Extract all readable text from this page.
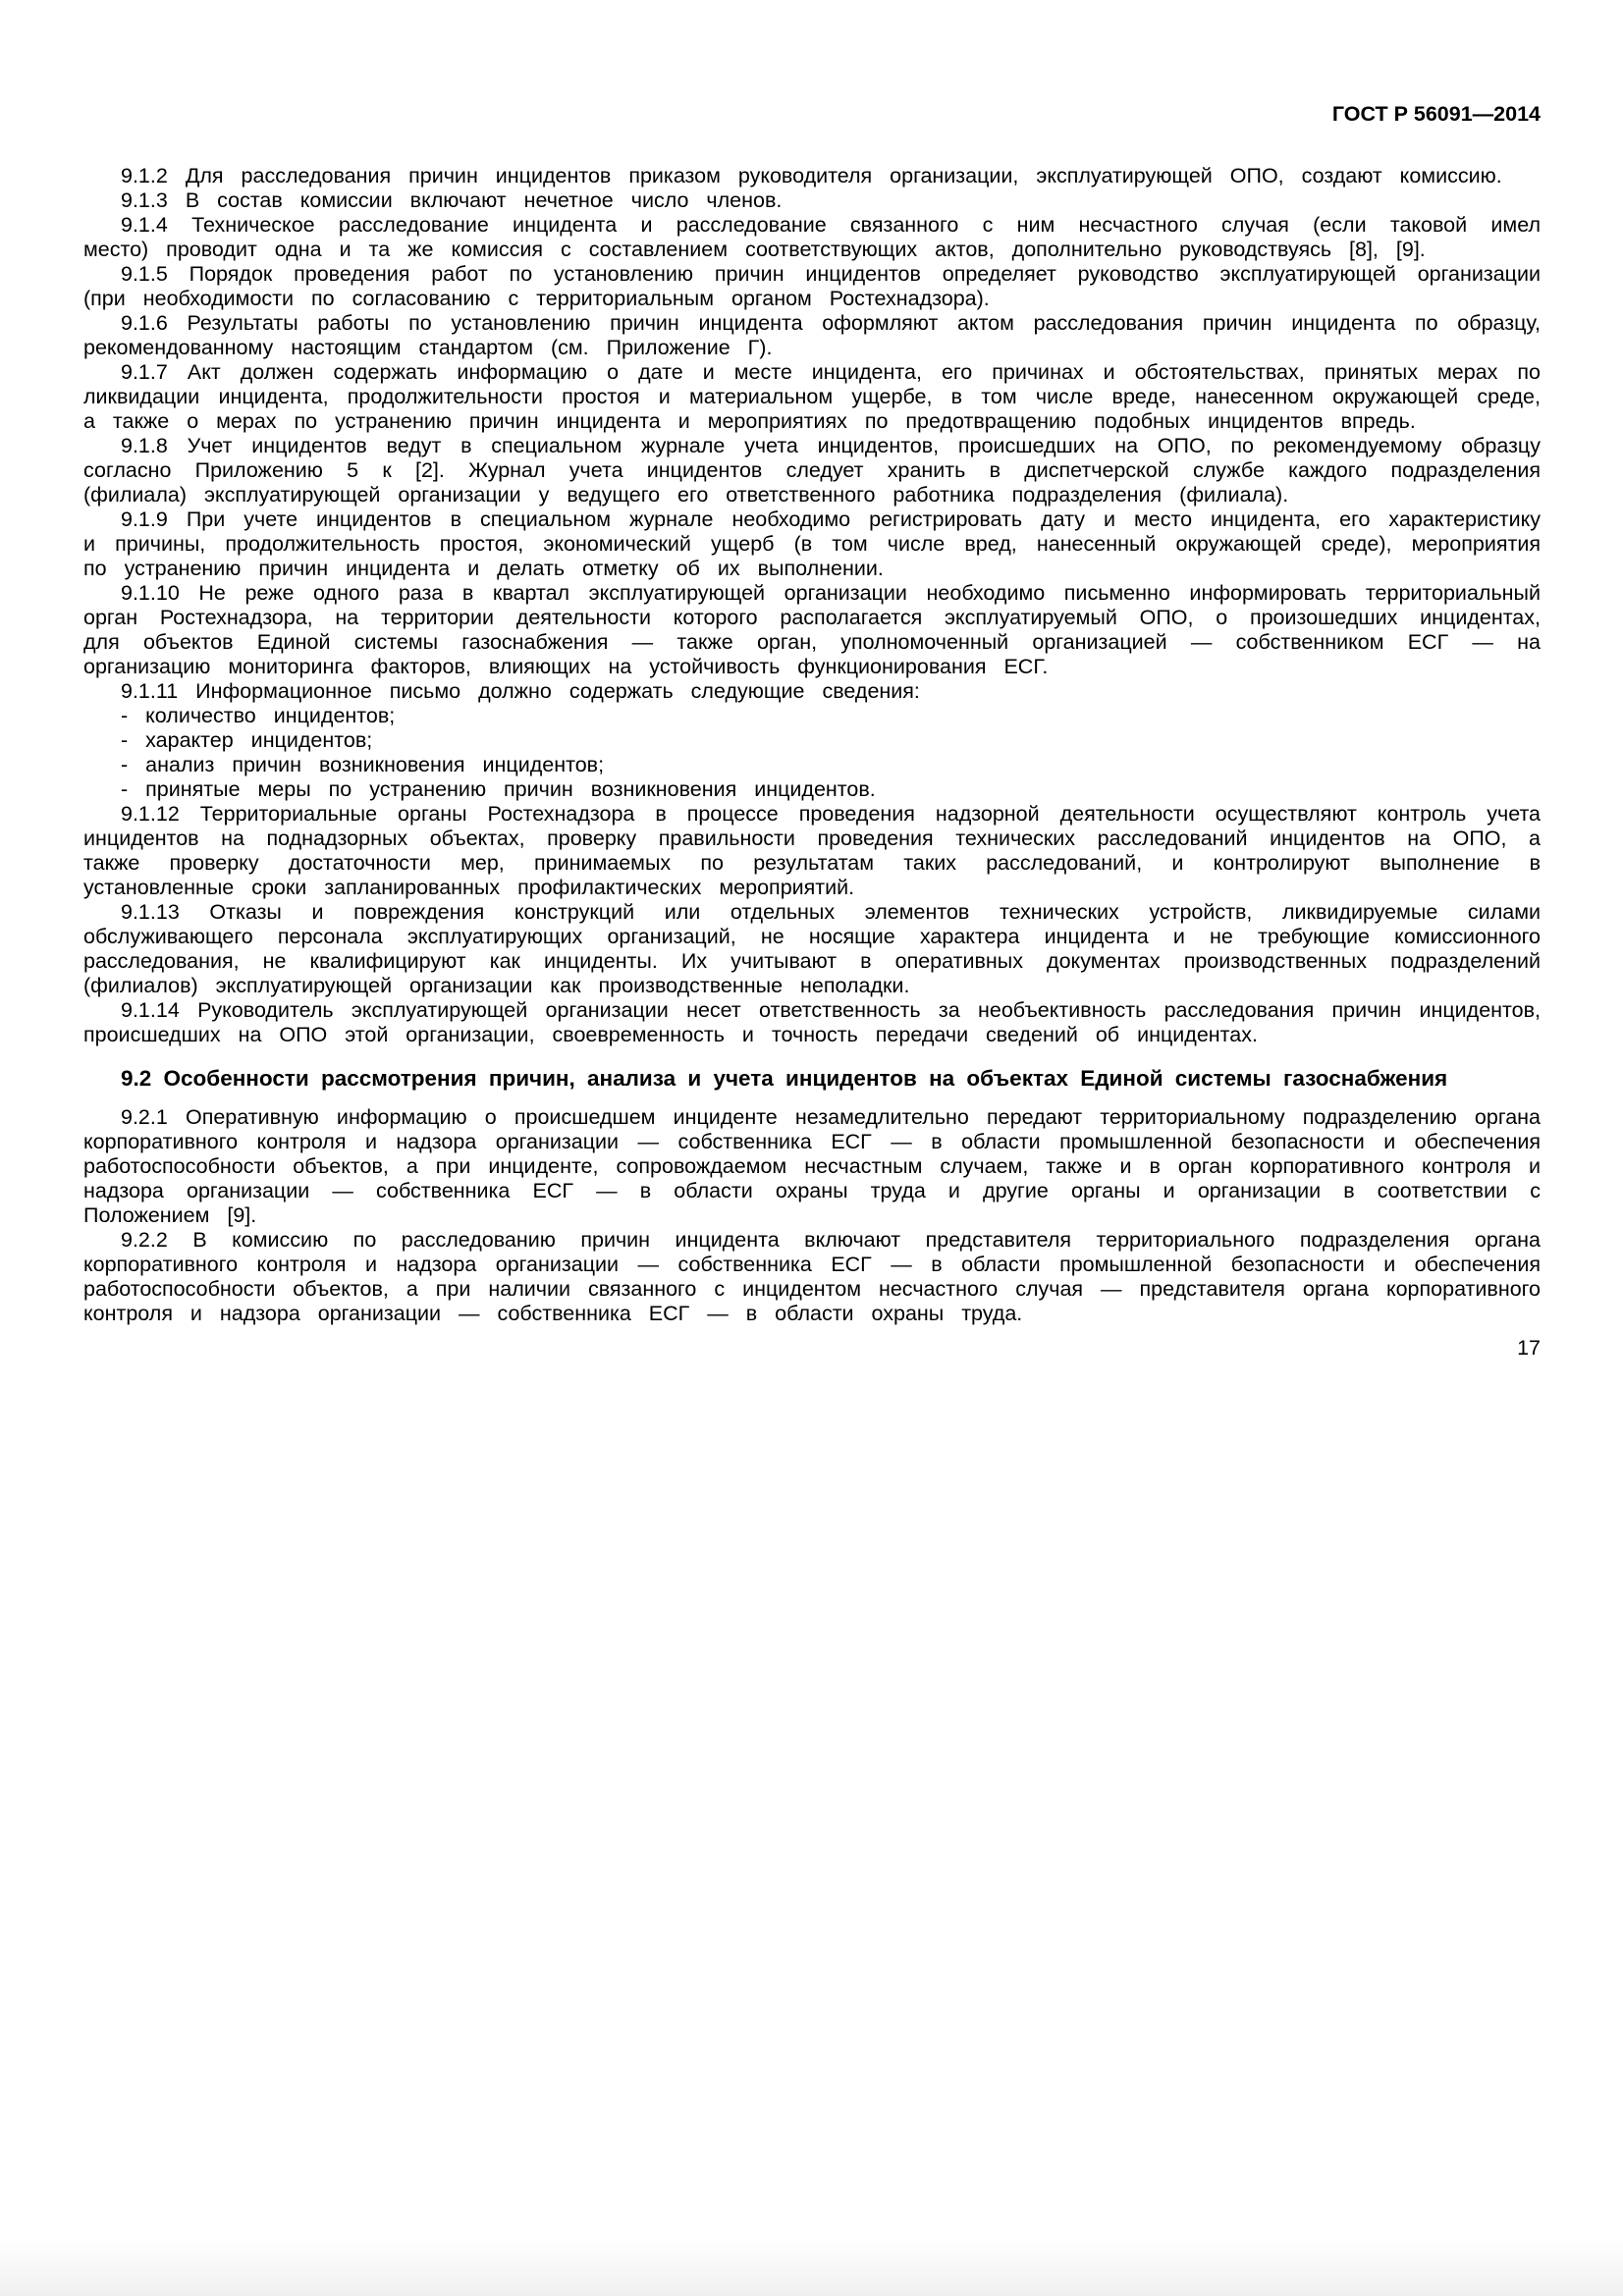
ГОСТ Р 56091—2014

9.1.2 Для расследования причин инцидентов приказом руководителя организации, эксплуатирующей ОПО, создают комиссию.

9.1.3 В состав комиссии включают нечетное число членов.

9.1.4 Техническое расследование инцидента и расследование связанного с ним несчастного случая (если таковой имел место) проводит одна и та же комиссия с составлением соответствующих актов, дополнительно руководствуясь [8], [9].

9.1.5 Порядок проведения работ по установлению причин инцидентов определяет руководство эксплуатирующей организации (при необходимости по согласованию с территориальным органом Ростехнадзора).

9.1.6 Результаты работы по установлению причин инцидента оформляют актом расследования причин инцидента по образцу, рекомендованному настоящим стандартом (см. Приложение Г).

9.1.7 Акт должен содержать информацию о дате и месте инцидента, его причинах и обстоятельствах, принятых мерах по ликвидации инцидента, продолжительности простоя и материальном ущербе, в том числе вреде, нанесенном окружающей среде, а также о мерах по устранению причин инцидента и мероприятиях по предотвращению подобных инцидентов впредь.

9.1.8 Учет инцидентов ведут в специальном журнале учета инцидентов, происшедших на ОПО, по рекомендуемому образцу согласно Приложению 5 к [2]. Журнал учета инцидентов следует хранить в диспетчерской службе каждого подразделения (филиала) эксплуатирующей организации у ведущего его ответственного работника подразделения (филиала).

9.1.9 При учете инцидентов в специальном журнале необходимо регистрировать дату и место инцидента, его характеристику и причины, продолжительность простоя, экономический ущерб (в том числе вред, нанесенный окружающей среде), мероприятия по устранению причин инцидента и делать отметку об их выполнении.

9.1.10 Не реже одного раза в квартал эксплуатирующей организации необходимо письменно информировать территориальный орган Ростехнадзора, на территории деятельности которого располагается эксплуатируемый ОПО, о произошедших инцидентах, для объектов Единой системы газоснабжения — также орган, уполномоченный организацией — собственником ЕСГ — на организацию мониторинга факторов, влияющих на устойчивость функционирования ЕСГ.

9.1.11 Информационное письмо должно содержать следующие сведения:

- количество инцидентов;

- характер инцидентов;

- анализ причин возникновения инцидентов;

- принятые меры по устранению причин возникновения инцидентов.

9.1.12 Территориальные органы Ростехнадзора в процессе проведения надзорной деятельности осуществляют контроль учета инцидентов на поднадзорных объектах, проверку правильности проведения технических расследований инцидентов на ОПО, а также проверку достаточности мер, принимаемых по результатам таких расследований, и контролируют выполнение в установленные сроки запланированных профилактических мероприятий.

9.1.13 Отказы и повреждения конструкций или отдельных элементов технических устройств, ликвидируемые силами обслуживающего персонала эксплуатирующих организаций, не носящие характера инцидента и не требующие комиссионного расследования, не квалифицируют как инциденты. Их учитывают в оперативных документах производственных подразделений (филиалов) эксплуатирующей организации как производственные неполадки.

9.1.14 Руководитель эксплуатирующей организации несет ответственность за необъективность расследования причин инцидентов, происшедших на ОПО этой организации, своевременность и точность передачи сведений об инцидентах.

9.2 Особенности рассмотрения причин, анализа и учета инцидентов на объектах Единой системы газоснабжения

9.2.1 Оперативную информацию о происшедшем инциденте незамедлительно передают территориальному подразделению органа корпоративного контроля и надзора организации — собственника ЕСГ — в области промышленной безопасности и обеспечения работоспособности объектов, а при инциденте, сопровождаемом несчастным случаем, также и в орган корпоративного контроля и надзора организации — собственника ЕСГ — в области охраны труда и другие органы и организации в соответствии с Положением [9].

9.2.2 В комиссию по расследованию причин инцидента включают представителя территориального подразделения органа корпоративного контроля и надзора организации — собственника ЕСГ — в области промышленной безопасности и обеспечения работоспособности объектов, а при наличии связанного с инцидентом несчастного случая — представителя органа корпоративного контроля и надзора организации — собственника ЕСГ — в области охраны труда.

17
